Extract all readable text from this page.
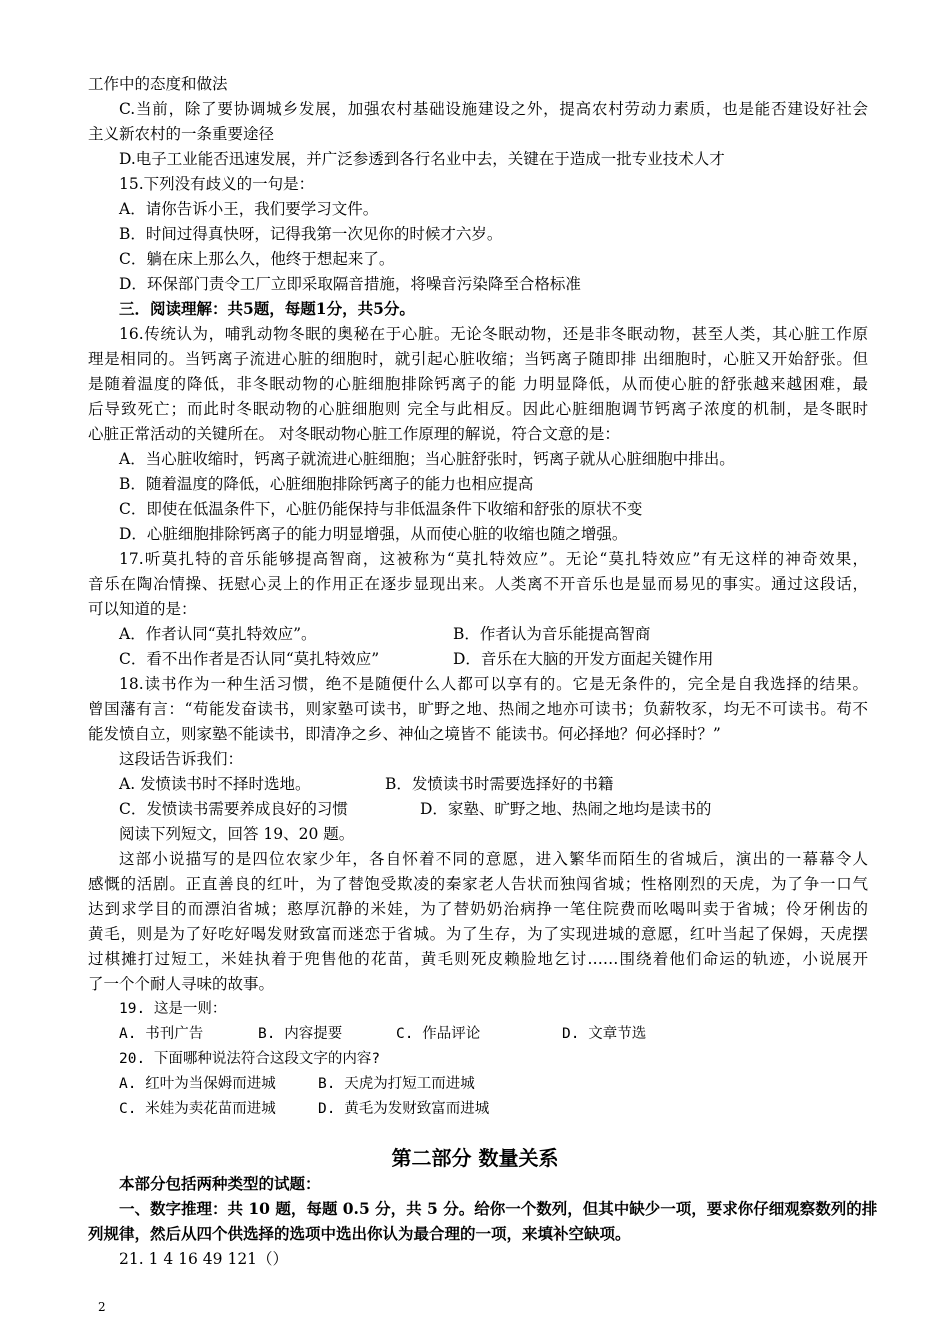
工作中的态度和做法
C.当前，除了要协调城乡发展，加强农村基础设施建设之外，提高农村劳动力素质，也是能否建设好社会
主义新农村的一条重要途径
D.电子工业能否迅速发展，并广泛参透到各行名业中去，关键在于造成一批专业技术人才
15.下列没有歧义的一句是：
A．请你告诉小王，我们要学习文件。
B．时间过得真快呀，记得我第一次见你的时候才六岁。
C．躺在床上那么久，他终于想起来了。
D．环保部门责令工厂立即采取隔音措施，将噪音污染降至合格标准
三．阅读理解：共5题，每题1分，共5分。
16.传统认为，哺乳动物冬眠的奥秘在于心脏。无论冬眠动物，还是非冬眠动物，甚至人类，其心脏工作原
理是相同的。当钙离子流进心脏的细胞时，就引起心脏收缩；当钙离子随即排 出细胞时，心脏又开始舒张。但
是随着温度的降低，非冬眠动物的心脏细胞排除钙离子的能 力明显降低，从而使心脏的舒张越来越困难，最
后导致死亡；而此时冬眠动物的心脏细胞则 完全与此相反。因此心脏细胞调节钙离子浓度的机制，是冬眠时
心脏正常活动的关键所在。 对冬眠动物心脏工作原理的解说，符合文意的是：
A．当心脏收缩时，钙离子就流进心脏细胞；当心脏舒张时，钙离子就从心脏细胞中排出。
B．随着温度的降低，心脏细胞排除钙离子的能力也相应提高
C．即使在低温条件下，心脏仍能保持与非低温条件下收缩和舒张的原状不变
D．心脏细胞排除钙离子的能力明显增强，从而使心脏的收缩也随之增强。
17.听莫扎特的音乐能够提高智商，这被称为“莫扎特效应”。无论“莫扎特效应”有无这样的神奇效果，
音乐在陶冶情操、抚慰心灵上的作用正在逐步显现出来。人类离不开音乐也是显而易见的事实。通过这段话，
可以知道的是：
A．作者认同“莫扎特效应”。	B．作者认为音乐能提高智商
C．看不出作者是否认同“莫扎特效应”	D．音乐在大脑的开发方面起关键作用
18.读书作为一种生活习惯，绝不是随便什么人都可以享有的。它是无条件的，完全是自我选择的结果。
曾国藩有言：“苟能发奋读书，则家塾可读书，旷野之地、热闹之地亦可读书；负薪牧豕，均无不可读书。苟不
能发愤自立，则家塾不能读书，即清净之乡、神仙之境皆不 能读书。何必择地？何必择时？”
这段话告诉我们：
A. 发愤读书时不择时选地。	B．发愤读书时需要选择好的书籍
C．发愤读书需要养成良好的习惯	D．家塾、旷野之地、热闹之地均是读书的
阅读下列短文，回答 19、20 题。
这部小说描写的是四位农家少年，各自怀着不同的意愿，进入繁华而陌生的省城后，演出的一幕幕令人
感慨的活剧。正直善良的红叶，为了替饱受欺凌的秦家老人告状而独闯省城；性格刚烈的天虎，为了争一口气
达到求学目的而漂泊省城；憨厚沉静的米娃，为了替奶奶治病挣一笔住院费而吆喝叫卖于省城；伶牙俐齿的
黄毛，则是为了好吃好喝发财致富而迷恋于省城。为了生存，为了实现进城的意愿，红叶当起了保姆，天虎摆
过棋摊打过短工，米娃执着于兜售他的花苗，黄毛则死皮赖脸地乞讨……围绕着他们命运的轨迹，小说展开
了一个个耐人寻味的故事。
19. 这是一则：
A. 书刊广告	B. 内容提要	C. 作品评论	D. 文章节选
20. 下面哪种说法符合这段文字的内容?
A. 红叶为当保姆而进城	B. 天虎为打短工而进城
C. 米娃为卖花苗而进城	D. 黄毛为发财致富而进城
第二部分 数量关系
本部分包括两种类型的试题：
一、数字推理：共 10 题，每题 0.5 分，共 5 分。给你一个数列，但其中缺少一项，要求你仔细观察数列的排
列规律，然后从四个供选择的选项中选出你认为最合理的一项，来填补空缺项。
21. 1 4 16 49 121（）
2
